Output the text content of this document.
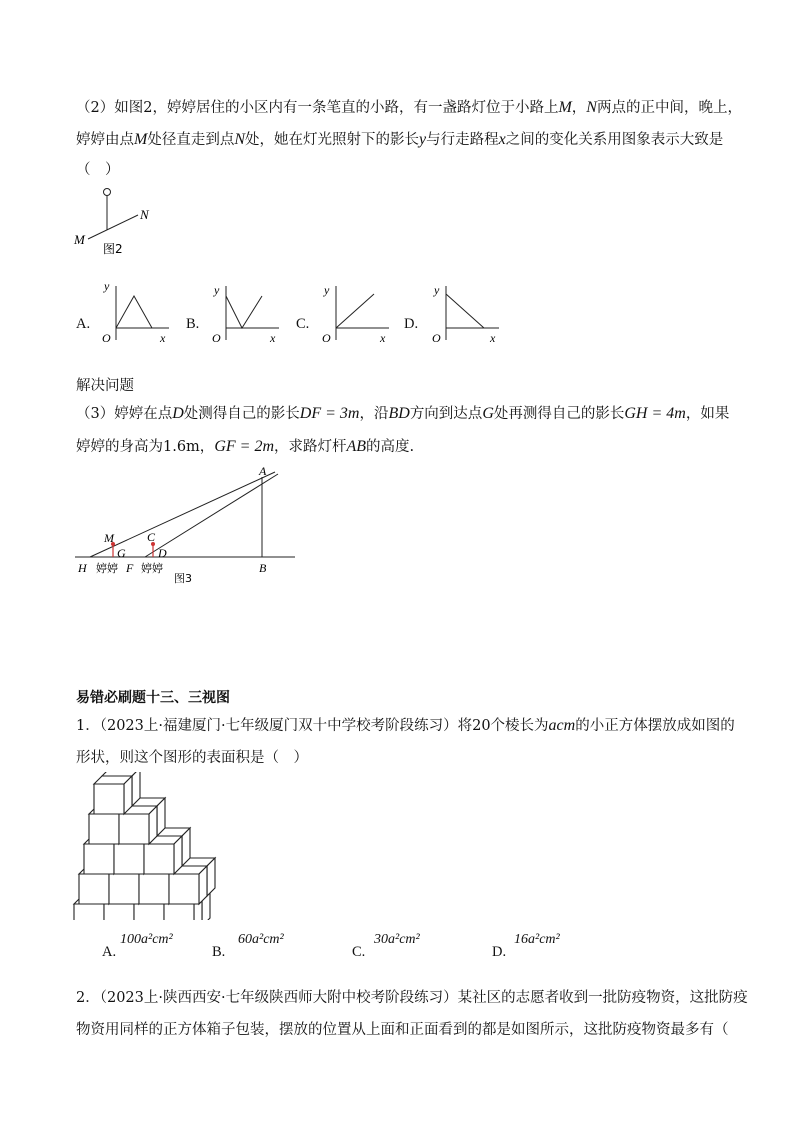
（2）如图2，婷婷居住的小区内有一条笔直的小路，有一盏路灯位于小路上M，N两点的正中间，晚上，
婷婷由点M处径直走到点N处，她在灯光照射下的影长y与行走路程x之间的变化关系用图象表示大致是
（　）
M
N
图2
A.
y
x
O
B.
y
x
O
C.
y
x
O
D.
y
x
O
解决问题
（3）婷婷在点D处测得自己的影长DF = 3m，沿BD方向到达点G处再测得自己的影长GH = 4m，如果
婷婷的身高为1.6m，GF = 2m，求路灯杆AB的高度.
A
B
C
D
M
G
H	F
婷婷 婷婷
图3
易错必刷题十三、三视图
1．（2023上·福建厦门·七年级厦门双十中学校考阶段练习）将20个棱长为acm的小正方体摆放成如图的
形状，则这个图形的表面积是（　）
A.
100a²cm²
B.
60a²cm²
C.
30a²cm²
D.
16a²cm²
2．（2023上·陕西西安·七年级陕西师大附中校考阶段练习）某社区的志愿者收到一批防疫物资，这批防疫
物资用同样的正方体箱子包装，摆放的位置从上面和正面看到的都是如图所示，这批防疫物资最多有（
